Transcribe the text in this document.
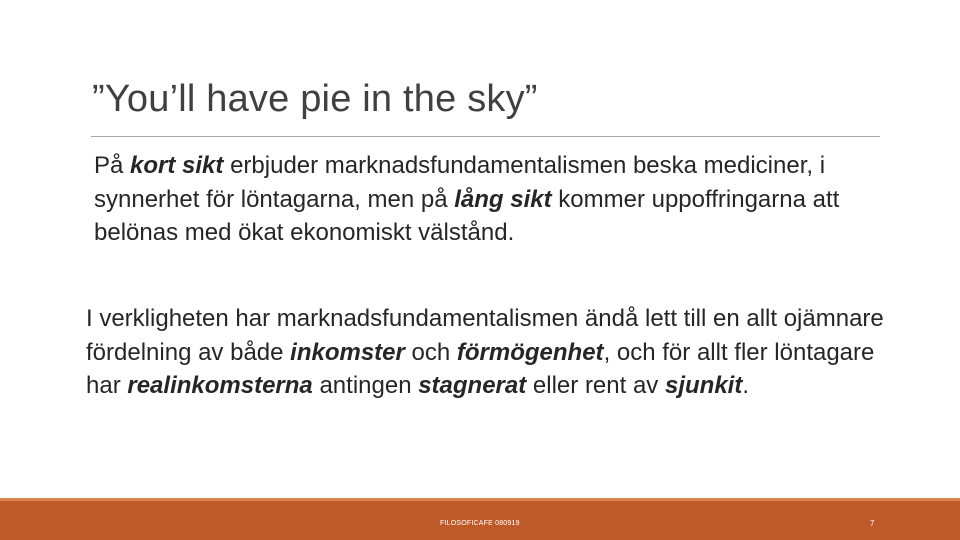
”You’ll have pie in the sky”
På kort sikt erbjuder marknadsfundamentalismen beska mediciner, i synnerhet för löntagarna, men på lång sikt kommer uppoffringarna att belönas med ökat ekonomiskt välstånd.
I verkligheten har marknadsfundamentalismen ändå lett till en allt ojämnare fördelning av både inkomster och förmögenhet, och för allt fler löntagare har realinkomsterna antingen stagnerat eller rent av sjunkit.
FILOSOFICAFE 080919	7
